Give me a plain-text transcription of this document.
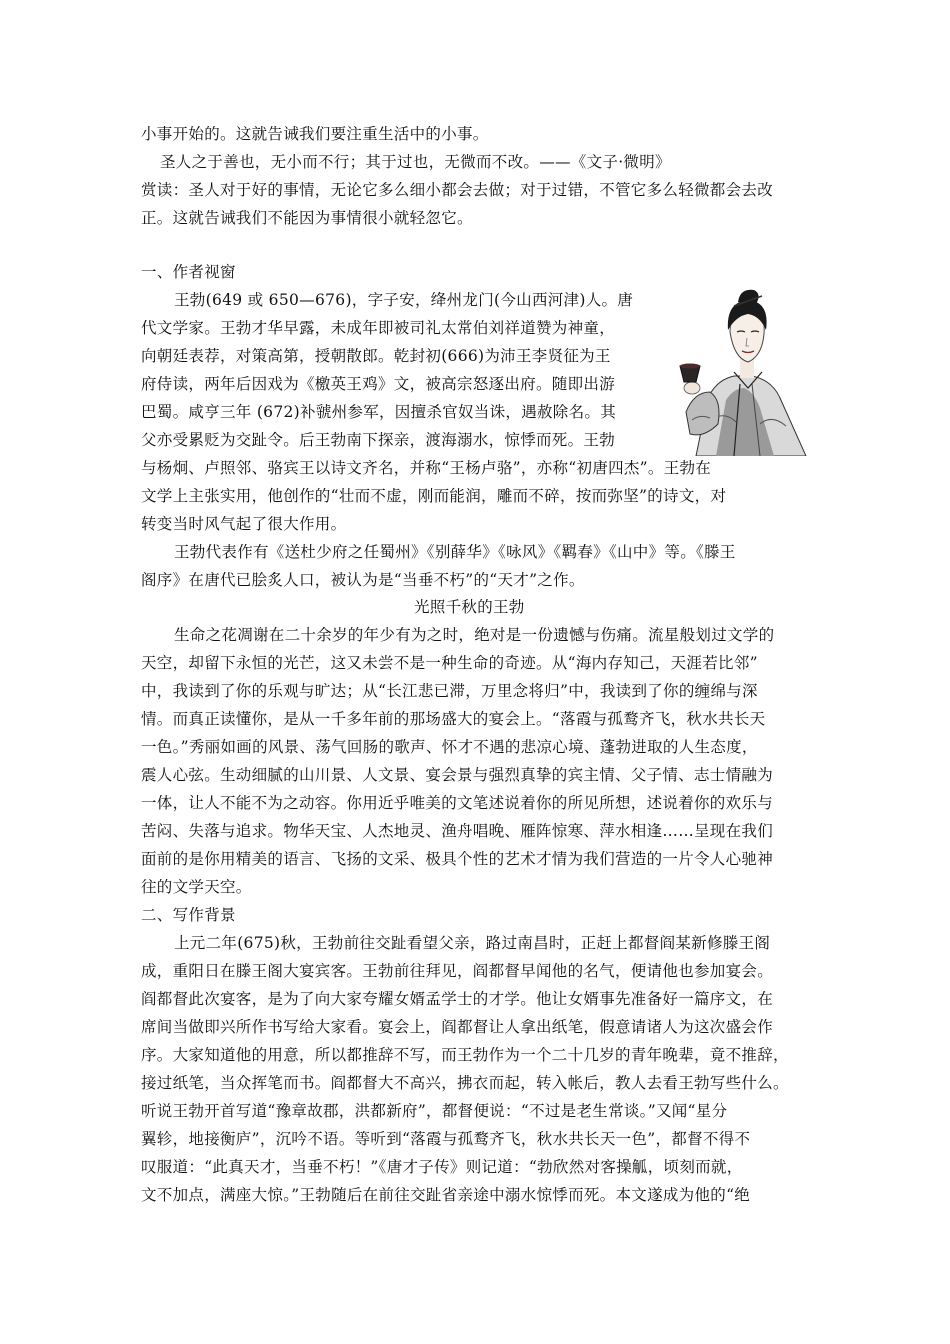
小事开始的。这就告诫我们要注重生活中的小事。
圣人之于善也，无小而不行；其于过也，无微而不改。——《文子·微明》
赏读：圣人对于好的事情，无论它多么细小都会去做；对于过错，不管它多么轻微都会去改
正。这就告诫我们不能因为事情很小就轻忽它。
一、作者视窗
王勃(649 或 650—676)，字子安，绛州龙门(今山西河津)人。唐
代文学家。王勃才华早露，未成年即被司礼太常伯刘祥道赞为神童，
向朝廷表荐，对策高第，授朝散郎。乾封初(666)为沛王李贤征为王
府侍读，两年后因戏为《檄英王鸡》文，被高宗怒逐出府。随即出游
巴蜀。咸亨三年 (672)补虢州参军，因擅杀官奴当诛，遇赦除名。其
父亦受累贬为交趾令。后王勃南下探亲，渡海溺水，惊悸而死。王勃
与杨炯、卢照邻、骆宾王以诗文齐名，并称“王杨卢骆”，亦称“初唐四杰”。王勃在
文学上主张实用，他创作的“壮而不虚，刚而能润，雕而不碎，按而弥坚”的诗文，对
转变当时风气起了很大作用。
王勃代表作有《送杜少府之任蜀州》《别薛华》《咏风》《羁春》《山中》等。《滕王
阁序》在唐代已脍炙人口，被认为是“当垂不朽”的“天才”之作。
光照千秋的王勃
生命之花凋谢在二十余岁的年少有为之时，绝对是一份遗憾与伤痛。流星般划过文学的
天空，却留下永恒的光芒，这又未尝不是一种生命的奇迹。从“海内存知己，天涯若比邻”
中，我读到了你的乐观与旷达；从“长江悲已滞，万里念将归”中，我读到了你的缠绵与深
情。而真正读懂你，是从一千多年前的那场盛大的宴会上。“落霞与孤鹜齐飞，秋水共长天
一色。”秀丽如画的风景、荡气回肠的歌声、怀才不遇的悲凉心境、蓬勃进取的人生态度，
震人心弦。生动细腻的山川景、人文景、宴会景与强烈真挚的宾主情、父子情、志士情融为
一体，让人不能不为之动容。你用近乎唯美的文笔述说着你的所见所想，述说着你的欢乐与
苦闷、失落与追求。物华天宝、人杰地灵、渔舟唱晚、雁阵惊寒、萍水相逢……呈现在我们
面前的是你用精美的语言、飞扬的文采、极具个性的艺术才情为我们营造的一片令人心驰神
往的文学天空。
二、写作背景
上元二年(675)秋，王勃前往交趾看望父亲，路过南昌时，正赶上都督阎某新修滕王阁
成，重阳日在滕王阁大宴宾客。王勃前往拜见，阎都督早闻他的名气，便请他也参加宴会。
阎都督此次宴客，是为了向大家夸耀女婿孟学士的才学。他让女婿事先准备好一篇序文，在
席间当做即兴所作书写给大家看。宴会上，阎都督让人拿出纸笔，假意请诸人为这次盛会作
序。大家知道他的用意，所以都推辞不写，而王勃作为一个二十几岁的青年晚辈，竟不推辞，
接过纸笔，当众挥笔而书。阎都督大不高兴，拂衣而起，转入帐后，教人去看王勃写些什么。
听说王勃开首写道“豫章故郡，洪都新府”，都督便说：“不过是老生常谈。”又闻“星分
翼轸，地接衡庐”，沉吟不语。等听到“落霞与孤鹜齐飞，秋水共长天一色”，都督不得不
叹服道：“此真天才，当垂不朽！”《唐才子传》则记道：“勃欣然对客操觚，顷刻而就，
文不加点，满座大惊。”王勃随后在前往交趾省亲途中溺水惊悸而死。本文遂成为他的“绝
